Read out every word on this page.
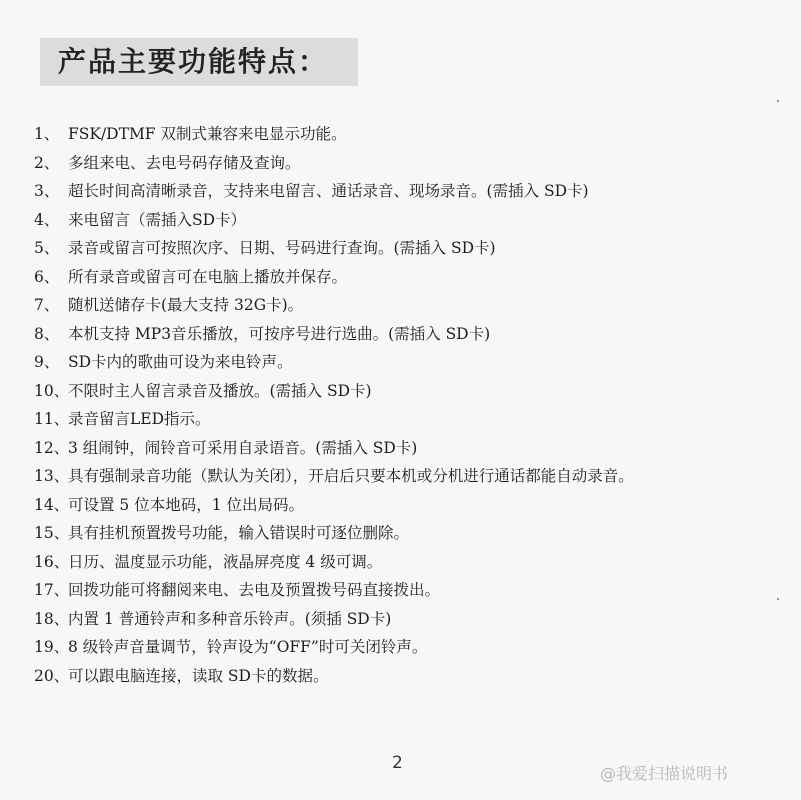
产品主要功能特点：
1、 FSK/DTMF 双制式兼容来电显示功能。
2、 多组来电、去电号码存储及查询。
3、 超长时间高清晰录音，支持来电留言、通话录音、现场录音。(需插入 SD卡)
4、 来电留言（需插入SD卡）
5、 录音或留言可按照次序、日期、号码进行查询。(需插入 SD卡)
6、 所有录音或留言可在电脑上播放并保存。
7、 随机送储存卡(最大支持 32G卡)。
8、 本机支持 MP3音乐播放，可按序号进行选曲。(需插入 SD卡)
9、 SD卡内的歌曲可设为来电铃声。
10、不限时主人留言录音及播放。(需插入 SD卡)
11、录音留言LED指示。
12、3 组闹钟，闹铃音可采用自录语音。(需插入 SD卡)
13、具有强制录音功能（默认为关闭），开启后只要本机或分机进行通话都能自动录音。
14、可设置 5 位本地码，1 位出局码。
15、具有挂机预置拨号功能，输入错误时可逐位删除。
16、日历、温度显示功能，液晶屏亮度 4 级可调。
17、回拨功能可将翻阅来电、去电及预置拨号码直接拨出。
18、内置 1 普通铃声和多种音乐铃声。(须插 SD卡)
19、8 级铃声音量调节，铃声设为“OFF”时可关闭铃声。
20、可以跟电脑连接，读取 SD卡的数据。
2
@我爱扫描说明书
